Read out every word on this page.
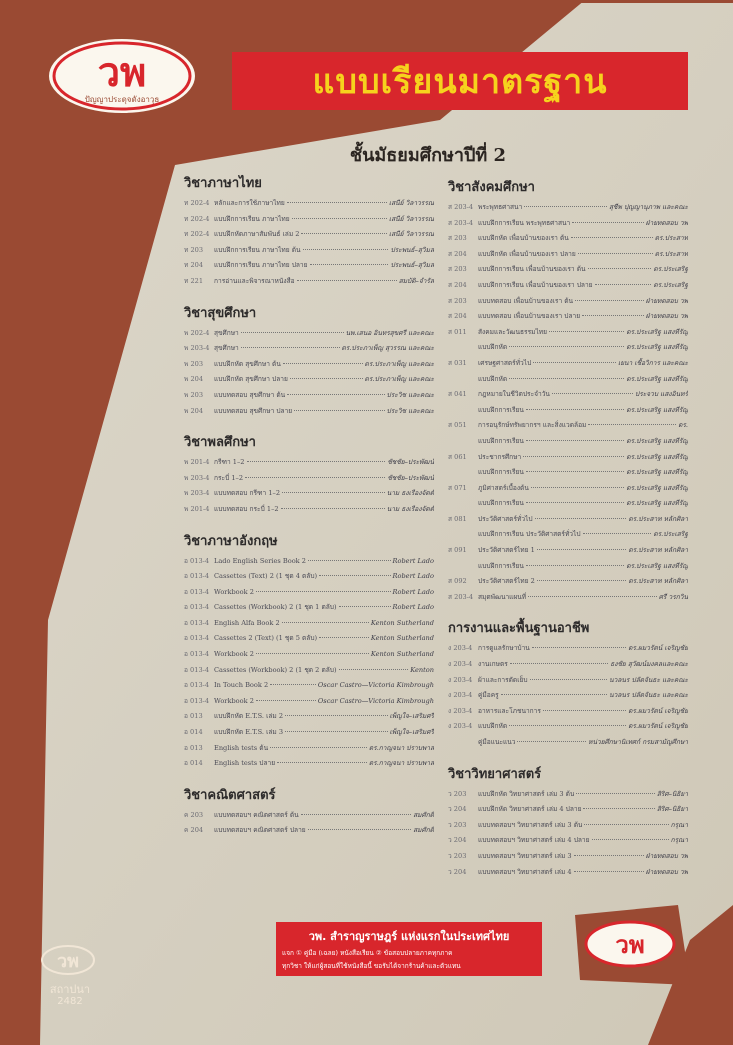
วพ
ปัญญาประดุจดังอาวุธ	แบบเรียนมาตรฐาน
ชั้นมัธยมศึกษาปีที่ 2
วิชาภาษาไทย
ท 202-4 หลักและการใช้ภาษาไทย	เสนีย์ วิลาวรรณ
ท 202-4 แบบฝึกการเรียน ภาษาไทย	เสนีย์ วิลาวรรณ
ท 202-4 แบบฝึกหัดภาษาสัมพันธ์ เล่ม 2	เสนีย์ วิลาวรรณ
ท 203	แบบฝึกการเรียน ภาษาไทย ต้น	ประพนธ์–สุวิมล
ท 204	แบบฝึกการเรียน ภาษาไทย ปลาย	ประพนธ์–สุวิมล
ท 221	การอ่านและพิจารณาหนังสือ	สมบัติ–จำรัส
วิชาสุขศึกษา
พ 202-4 สุขศึกษา	นพ.เสนอ อินทรสุขศรี และคณะ
พ 203-4 สุขศึกษา	ดร.ประภาเพ็ญ สุวรรณ และคณะ
พ 203	แบบฝึกหัด สุขศึกษา ต้น	ดร.ประภาเพ็ญ และคณะ
พ 204	แบบฝึกหัด สุขศึกษา ปลาย	ดร.ประภาเพ็ญ และคณะ
พ 203	แบบทดสอบ สุขศึกษา ต้น	ประวิช และคณะ
พ 204	แบบทดสอบ สุขศึกษา ปลาย	ประวิช และคณะ
วิชาพลศึกษา
พ 201-4 กรีฑา 1–2	ชัชชัย–ประพัฒน์
พ 203-4 กระบี่ 1–2	ชัชชัย–ประพัฒน์
พ 203-4 แบบทดสอบ กรีฑา 1–2	นาม ธงเรืองจัตต์
พ 201-4 แบบทดสอบ กระบี่ 1–2	นาม ธงเรืองจัตต์
วิชาภาษาอังกฤษ
อ 013-4 Lado English Series Book 2	Robert Lado
อ 013-4 Cassettes (Text) 2 (1 ชุด 4 ตลับ)	Robert Lado
อ 013-4 Workbook 2	Robert Lado
อ 013-4 Cassettes (Workbook) 2 (1 ชุด 1 ตลับ)	Robert Lado
อ 013-4 English Alfa Book 2	Kenton Sutherland
อ 013-4 Cassettes 2 (Text) (1 ชุด 5 ตลับ)	Kenton Sutherland
อ 013-4 Workbook 2	Kenton Sutherland
อ 013-4 Cassettes (Workbook) 2 (1 ชุด 2 ตลับ)	Kenton
อ 013-4 In Touch Book 2	Oscar Castro—Victoria Kimbrough
อ 013-4 Workbook 2	Oscar Castro—Victoria Kimbrough
อ 013	แบบฝึกหัด E.T.S. เล่ม 2	เพ็ญใจ–เสริมศรี
อ 014	แบบฝึกหัด E.T.S. เล่ม 3	เพ็ญใจ–เสริมศรี
อ 013	English tests ต้น	ดร.กาญจนา ปราบพาล
อ 014	English tests ปลาย	ดร.กาญจนา ปราบพาล
วิชาคณิตศาสตร์
ค 203	แบบทดสอบฯ คณิตศาสตร์ ต้น	สมศักดิ์
ค 204	แบบทดสอบฯ คณิตศาสตร์ ปลาย	สมศักดิ์
วิชาสังคมศึกษา
ส 203-4 พระพุทธศาสนา	สุชีพ ปุญญานุภาพ และคณะ
ส 203-4 แบบฝึกการเรียน พระพุทธศาสนา	ฝ่ายทดสอบ วพ
ส 203	แบบฝึกหัด เพื่อนบ้านของเรา ต้น	ดร.ประสาท
ส 204	แบบฝึกหัด เพื่อนบ้านของเรา ปลาย	ดร.ประสาท
ส 203	แบบฝึกการเรียน เพื่อนบ้านของเรา ต้น	ดร.ประเสริฐ
ส 204	แบบฝึกการเรียน เพื่อนบ้านของเรา ปลาย	ดร.ประเสริฐ
ส 203	แบบทดสอบ เพื่อนบ้านของเรา ต้น	ฝ่ายทดสอบ วพ
ส 204	แบบทดสอบ เพื่อนบ้านของเรา ปลาย	ฝ่ายทดสอบ วพ
ส 011	สังคมและวัฒนธรรมไทย	ดร.ประเสริฐ แสงทีรัญ
แบบฝึกหัด	ดร.ประเสริฐ แสงทีรัญ
ส 031	เศรษฐศาสตร์ทั่วไป	เยนา เชื้อวิการ และคณะ
แบบฝึกหัด	ดร.ประเสริฐ แสงทีรัญ
ส 041	กฎหมายในชีวิตประจำวัน	ประจวบ แสงอินทร์
แบบฝึกการเรียน	ดร.ประเสริฐ แสงทีรัญ
ส 051	การอนุรักษ์ทรัพยากรฯ และสิ่งแวดล้อม	ดร.
แบบฝึกการเรียน	ดร.ประเสริฐ แสงทีรัญ
ส 061	ประชากรศึกษา	ดร.ประเสริฐ แสงทีรัญ
แบบฝึกการเรียน	ดร.ประเสริฐ แสงทีรัญ
ส 071	ภูมิศาสตร์เบื้องต้น	ดร.ประเสริฐ แสงทีรัญ
แบบฝึกการเรียน	ดร.ประเสริฐ แสงทีรัญ
ส 081	ประวัติศาสตร์ทั่วไป	ดร.ประสาท หลักศิลา
แบบฝึกการเรียน ประวัติศาสตร์ทั่วไป	ดร.ประเสริฐ
ส 091	ประวัติศาสตร์ไทย 1	ดร.ประสาท หลักศิลา
แบบฝึกการเรียน	ดร.ประเสริฐ แสงทีรัญ
ส 092	ประวัติศาสตร์ไทย 2	ดร.ประสาท หลักศิลา
ส 203-4 สมุดพัฒนาแผนที่	ศรี วรกวิน
การงานและพื้นฐานอาชีพ
ง 203-4 การดูแลรักษาบ้าน	ดร.ผมวรัตน์ เจริญชัย
ง 203-4 งานเกษตร	ธงชัย สุวัฒน์มงคลและคณะ
ง 203-4 ผ้าและการตัดเย็บ	นวลนร ปลัดจันธะ และคณะ
ง 203-4 คู่มือครู	นวลนร ปลัดจันธะ และคณะ
ง 203-4 อาหารและโภชนาการ	ดร.ผมวรัตน์ เจริญชัย
ง 203-4 แบบฝึกหัด	ดร.ผมวรัตน์ เจริญชัย
คู่มือแนะแนว	หน่วยศึกษานิเทศก์ กรมสามัญศึกษา
วิชาวิทยาศาสตร์
ว 203	แบบฝึกหัด วิทยาศาสตร์ เล่ม 3 ต้น	สิริศ–นิธิยา
ว 204	แบบฝึกหัด วิทยาศาสตร์ เล่ม 4 ปลาย	สิริศ–นิธิยา
ว 203	แบบทดสอบฯ วิทยาศาสตร์ เล่ม 3 ต้น	กรุณา
ว 204	แบบทดสอบฯ วิทยาศาสตร์ เล่ม 4 ปลาย	กรุณา
ว 203	แบบทดสอบฯ วิทยาศาสตร์ เล่ม 3	ฝ่ายทดสอบ วพ
ว 204	แบบทดสอบฯ วิทยาศาสตร์ เล่ม 4	ฝ่ายทดสอบ วพ
วพ. สำราญราษฎร์ แห่งแรกในประเทศไทย
แจก ① คู่มือ (เฉลย) หนังสือเรียน ② ข้อสอบปลายภาคทุกภาค
ทุกวิชา ให้แก่ผู้สอนที่ใช้หนังสือนี้ ขอรับได้จากร้านค้าและตัวแทน
วพ
วพ
สถาปนา
2482
